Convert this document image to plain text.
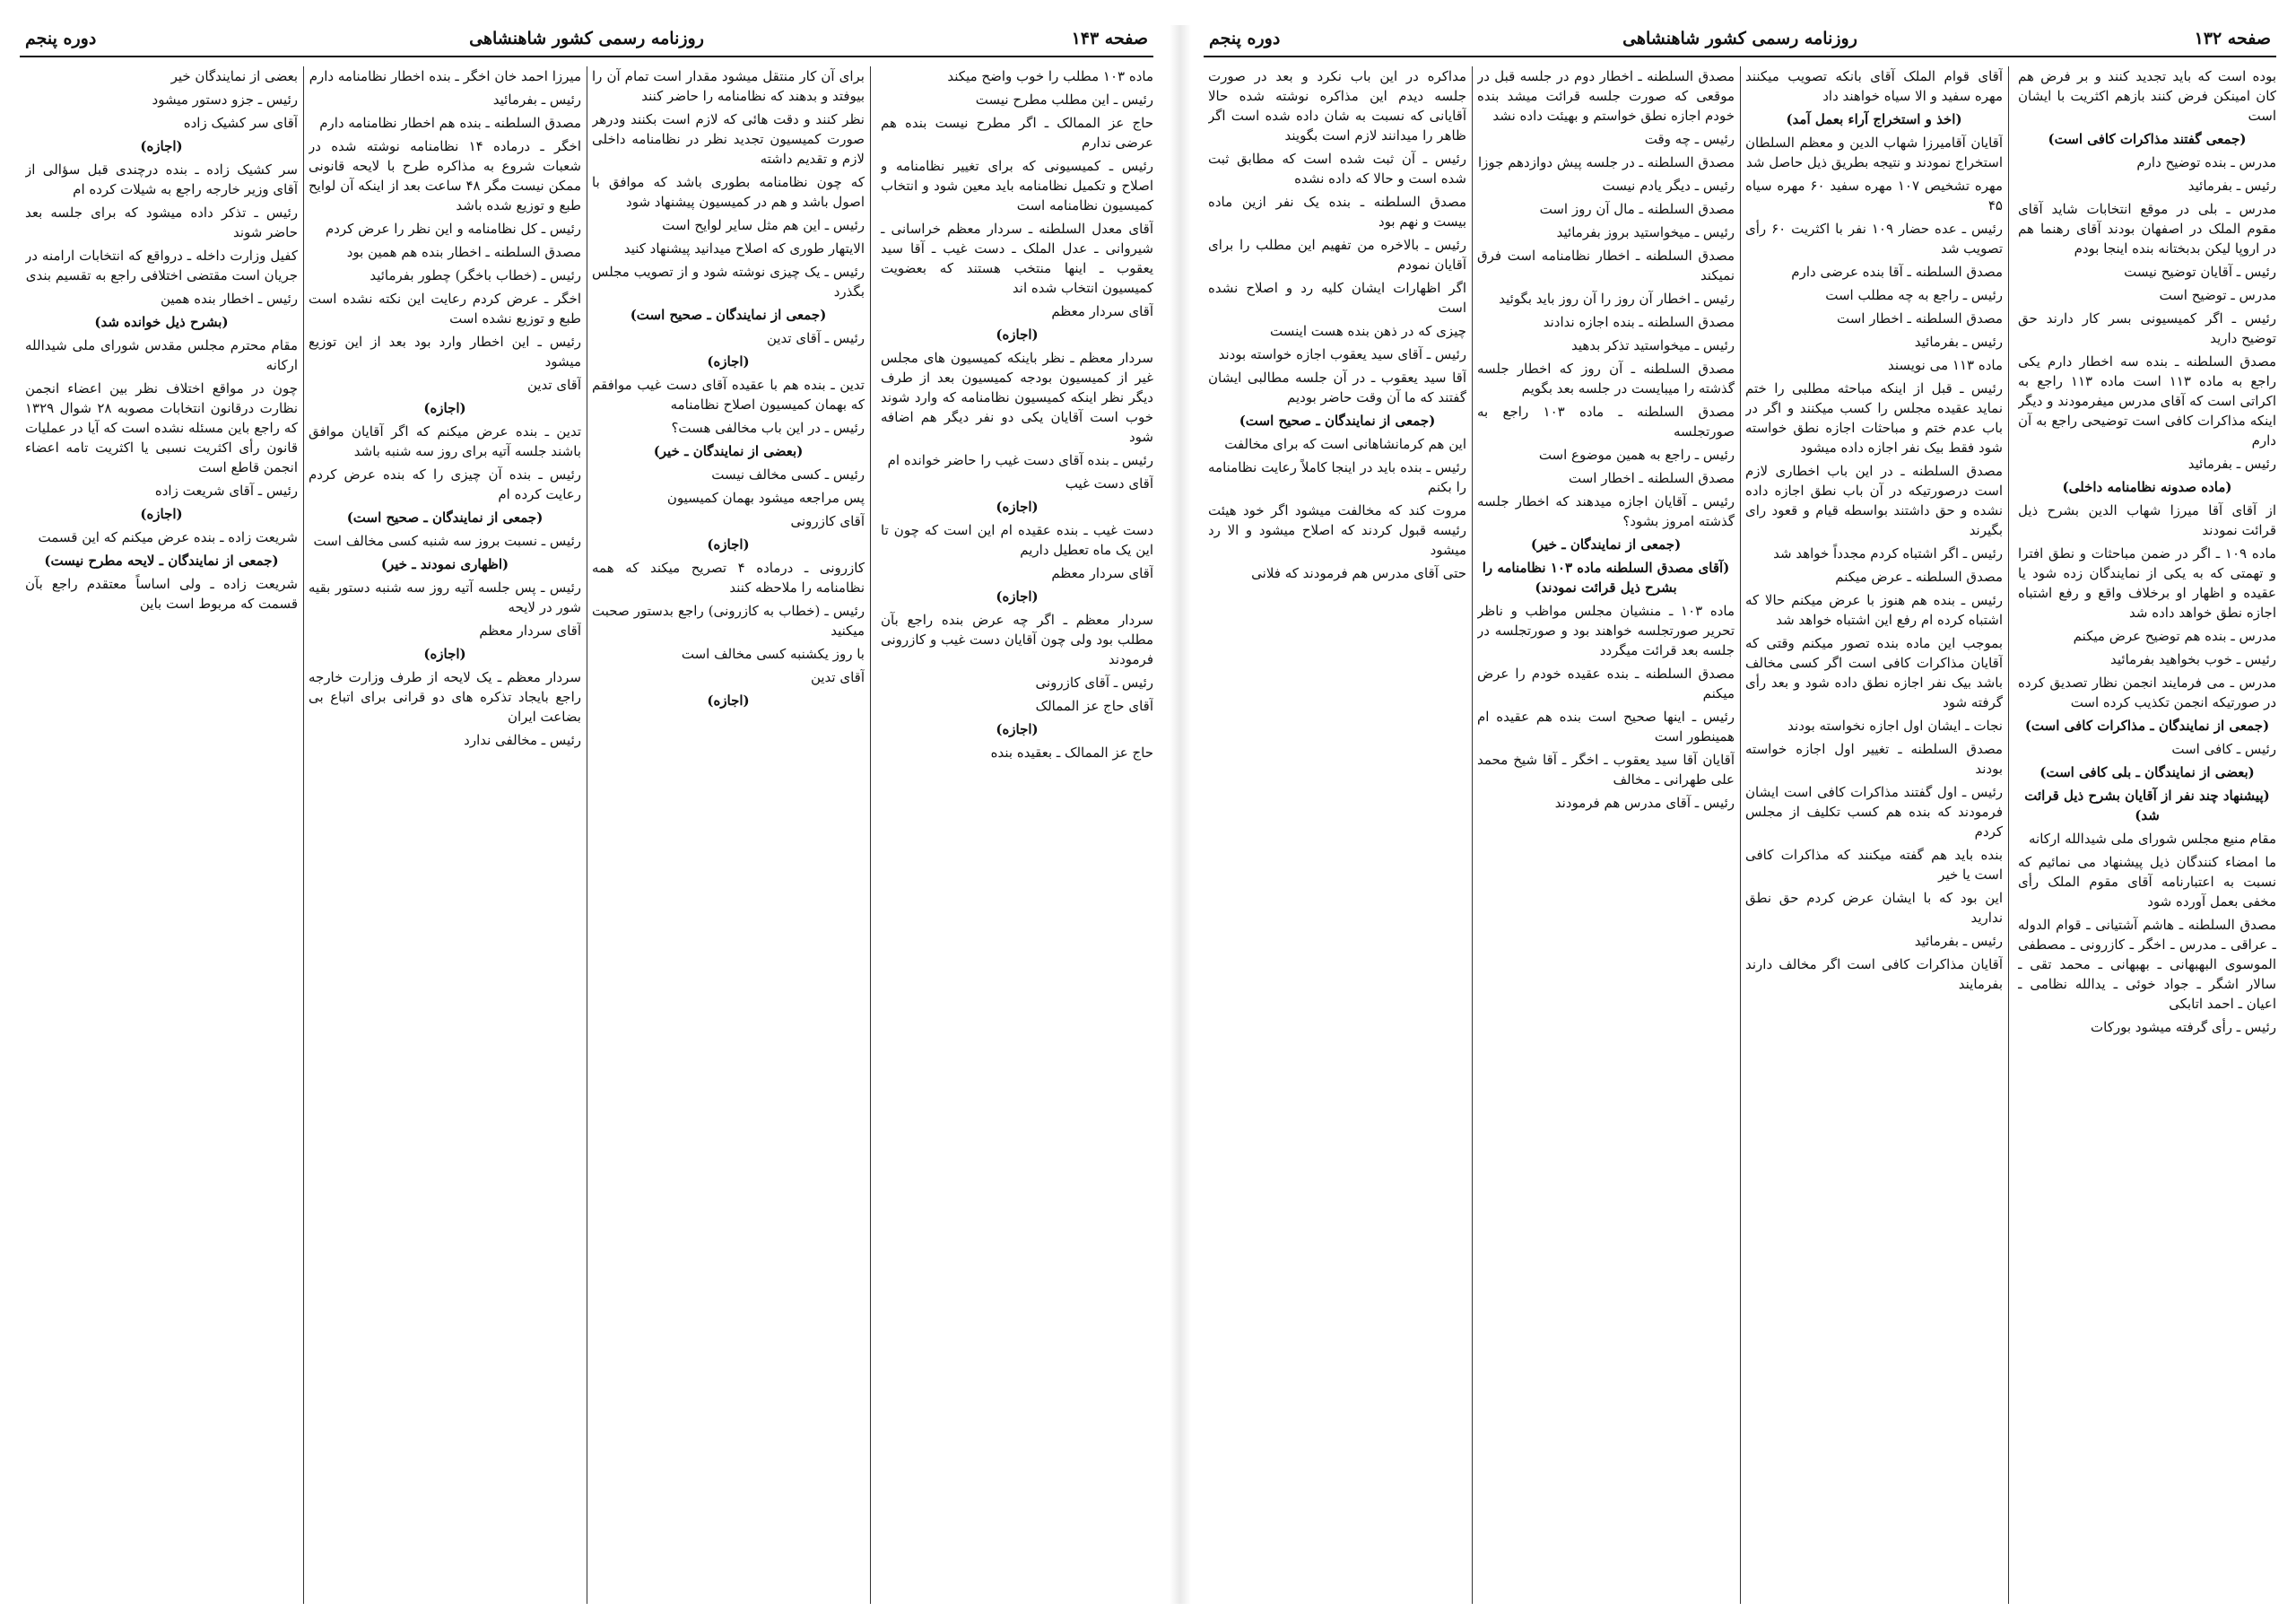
صفحه ۱۴۳
روزنامه رسمی کشور شاهنشاهی
دوره پنجم

ماده ۱۰۳ مطلب را خوب واضح میکند

رئیس ـ این مطلب مطرح نیست

حاج عز الممالک ـ اگر مطرح نیست بنده هم عرضی ندارم

رئیس ـ کمیسیونی که برای تغییر نظامنامه و اصلاح و تکمیل نظامنامه باید معین شود و انتخاب کمیسیون نظامنامه است

آقای معدل السلطنه ـ سردار معظم خراسانی ـ شیروانی ـ عدل الملک ـ دست غیب ـ آقا سید یعقوب ـ اینها منتخب هستند که بعضویت کمیسیون انتخاب شده اند

آقای سردار معظم

(اجازه)

سردار معظم ـ نظر باینکه کمیسیون های مجلس غیر از کمیسیون بودجه کمیسیون بعد از طرف دیگر نظر اینکه کمیسیون نظامنامه که وارد شوند خوب است آقایان یکی دو نفر دیگر هم اضافه شود

رئیس ـ بنده آقای دست غیب را حاضر خوانده ام

آقای دست غیب

(اجازه)

دست غیب ـ بنده عقیده ام این است که چون تا این یک ماه تعطیل داریم

آقای سردار معظم

(اجازه)

سردار معظم ـ اگر چه عرض بنده راجع بآن مطلب بود ولی چون آقایان دست غیب و کازرونی فرمودند

رئیس ـ آقای کازرونی

آقای حاج عز الممالک

(اجازه)

حاج عز الممالک ـ بعقیده بنده

برای آن کار منتقل میشود مقدار است تمام آن را بیوفتد و بدهند که نظامنامه را حاضر کنند

نظر کنند و دقت هائی که لازم است بکنند ودرهر صورت کمیسیون تجدید نظر در نظامنامه داخلی لازم و تقدیم داشته

که چون نظامنامه بطوری باشد که موافق با اصول باشد و هم در کمیسیون پیشنهاد شود

رئیس ـ این هم مثل سایر لوایح است

الایتهار طوری که اصلاح میدانید پیشنهاد کنید

رئیس ـ یک چیزی نوشته شود و از تصویب مجلس بگذرد

(جمعی از نمایندگان ـ صحیح است)

رئیس ـ آقای تدین

(اجازه)

تدین ـ بنده هم با عقیده آقای دست غیب موافقم که بهمان کمیسیون اصلاح نظامنامه

رئیس ـ در این باب مخالفی هست؟

(بعضی از نمایندگان ـ خیر)

رئیس ـ کسی مخالف نیست

پس مراجعه میشود بهمان کمیسیون

آقای کازرونی

(اجازه)

کازرونی ـ درماده ۴ تصریح میکند که همه نظامنامه را ملاحظه کنند

رئیس ـ (خطاب به کازرونی) راجع بدستور صحبت میکنید

با روز یکشنبه کسی مخالف است

آقای تدین

(اجازه)

میرزا احمد خان اخگر ـ بنده اخطار نظامنامه دارم

رئیس ـ بفرمائید

مصدق السلطنه ـ بنده هم اخطار نظامنامه دارم

اخگر ـ درماده ۱۴ نظامنامه نوشته شده در شعبات شروع به مذاکره طرح با لایحه قانونی ممکن نیست مگر ۴۸ ساعت بعد از اینکه آن لوایح طبع و توزیع شده باشد

رئیس ـ کل نظامنامه و این نظر را عرض کردم

مصدق السلطنه ـ اخطار بنده هم همین بود

رئیس ـ (خطاب باخگر) چطور بفرمائید

اخگر ـ عرض کردم رعایت این نکته نشده است طبع و توزیع نشده است

رئیس ـ این اخطار وارد بود بعد از این توزیع میشود

آقای تدین

(اجازه)

تدین ـ بنده عرض میکنم که اگر آقایان موافق باشند جلسه آتیه برای روز سه شنبه باشد

رئیس ـ بنده آن چیزی را که بنده عرض کردم رعایت کرده ام

(جمعی از نمایندگان ـ صحیح است)

رئیس ـ نسبت بروز سه شنبه کسی مخالف است

(اظهاری نمودند ـ خیر)

رئیس ـ پس جلسه آتیه روز سه شنبه دستور بقیه شور در لایحه

آقای سردار معظم

(اجازه)

سردار معظم ـ یک لایحه از طرف وزارت خارجه راجع بایجاد تذکره های دو قرانی برای اتباع بی بضاعت ایران

رئیس ـ مخالفی ندارد

بعضی از نمایندگان خیر

رئیس ـ جزو دستور میشود

آقای سر کشیک زاده

(اجازه)

سر کشیک زاده ـ بنده درچندی قبل سؤالی از آقای وزیر خارجه راجع به شیلات کرده ام

رئیس ـ تذکر داده میشود که برای جلسه بعد حاضر شوند

کفیل وزارت داخله ـ درواقع که انتخابات ارامنه در جریان است مقتضی اختلافی راجع به تقسیم بندی

رئیس ـ اخطار بنده همین

(بشرح ذیل خوانده شد)

مقام محترم مجلس مقدس شورای ملی شیدالله ارکانه

چون در مواقع اختلاف نظر بین اعضاء انجمن نظارت درقانون انتخابات مصوبه ۲۸ شوال ۱۳۲۹ که راجع باین مسئله نشده است که آیا در عملیات قانون رأی اکثریت نسبی یا اکثریت تامه اعضاء انجمن قاطع است

رئیس ـ آقای شریعت زاده

(اجازه)

شریعت زاده ـ بنده عرض میکنم که این قسمت

(جمعی از نمایندگان ـ لایحه مطرح نیست)

شریعت زاده ـ ولی اساساً معتقدم راجع بآن قسمت که مربوط است باین

صفحه ۱۳۲
روزنامه رسمی کشور شاهنشاهی
دوره پنجم

بوده است که باید تجدید کنند و بر فرض هم کان امینکن فرض کنند بازهم اکثریت با ایشان است

(جمعی گفتند مذاکرات کافی است)

مدرس ـ بنده توضیح دارم

رئیس ـ بفرمائید

مدرس ـ بلی در موقع انتخابات شاید آقای مقوم الملک در اصفهان بودند آقای رهنما هم در اروپا لیکن بدبختانه بنده اینجا بودم

رئیس ـ آقایان توضیح نیست

مدرس ـ توضیح است

رئیس ـ اگر کمیسیونی بسر کار دارند حق توضیح دارید

مصدق السلطنه ـ بنده سه اخطار دارم یکی راجع به ماده ۱۱۳ است ماده ۱۱۳ راجع به اکراتی است که آقای مدرس میفرمودند و دیگر اینکه مذاکرات کافی است توضیحی راجع به آن دارم

رئیس ـ بفرمائید

(ماده صدونه نظامنامه داخلی)

از آقای آقا میرزا شهاب الدین بشرح ذیل قرائت نمودند

ماده ۱۰۹ ـ اگر در ضمن مباحثات و نطق افترا و تهمتی که به یکی از نمایندگان زده شود یا عقیده و اظهار او برخلاف واقع و رفع اشتباه اجازه نطق خواهد داده شد

مدرس ـ بنده هم توضیح عرض میکنم

رئیس ـ خوب بخواهید بفرمائید

مدرس ـ می فرمایند انجمن نظار تصدیق کرده در صورتیکه انجمن تکذیب کرده است

(جمعی از نمایندگان ـ مذاکرات کافی است)

رئیس ـ کافی است

(بعضی از نمایندگان ـ بلی کافی است)

(پیشنهاد چند نفر از آقایان بشرح ذیل قرائت شد)

مقام منیع مجلس شورای ملی شیدالله ارکانه

ما امضاء کنندگان ذیل پیشنهاد می نمائیم که نسبت به اعتبارنامه آقای مقوم الملک رأی مخفی بعمل آورده شود

مصدق السلطنه ـ هاشم آشتیانی ـ قوام الدوله ـ عراقی ـ مدرس ـ اخگر ـ کازرونی ـ مصطفی الموسوی البهبهانی ـ بهبهانی ـ محمد تقی ـ سالار اشگر ـ جواد خوئی ـ یدالله نظامی ـ اعیان ـ احمد اتابکی

رئیس ـ رأی گرفته میشود بورکات

آقای قوام الملک آقای بانکه تصویب میکنند مهره سفید و الا سیاه خواهند داد

(اخذ و استخراج آراء بعمل آمد)

آقایان آقامیرزا شهاب الدین و معظم السلطان استخراج نمودند و نتیجه بطریق ذیل حاصل شد

مهره تشخیص ۱۰۷ مهره سفید ۶۰ مهره سیاه ۴۵

رئیس ـ عده حضار ۱۰۹ نفر با اکثریت ۶۰ رأی تصویب شد

مصدق السلطنه ـ آقا بنده عرضی دارم

رئیس ـ راجع به چه مطلب است

مصدق السلطنه ـ اخطار است

رئیس ـ بفرمائید

ماده ۱۱۳ می نویسند

رئیس ـ قبل از اینکه مباحثه مطلبی را ختم نماید عقیده مجلس را کسب میکنند و اگر در باب عدم ختم و مباحثات اجازه نطق خواسته شود فقط بیک نفر اجازه داده میشود

مصدق السلطنه ـ در این باب اخطاری لازم است درصورتیکه در آن باب نطق اجازه داده نشده و حق داشتند بواسطه قیام و قعود رای بگیرند

رئیس ـ اگر اشتباه کردم مجدداً خواهد شد

مصدق السلطنه ـ عرض میکنم

رئیس ـ بنده هم هنوز با عرض میکنم حالا که اشتباه کرده ام رفع این اشتباه خواهد شد

بموجب این ماده بنده تصور میکنم وقتی که آقایان مذاکرات کافی است اگر کسی مخالف باشد بیک نفر اجازه نطق داده شود و بعد رأی گرفته شود

نجات ـ ایشان اول اجازه نخواسته بودند

مصدق السلطنه ـ تغییر اول اجازه خواسته بودند

رئیس ـ اول گفتند مذاکرات کافی است ایشان فرمودند که بنده هم کسب تکلیف از مجلس کردم

بنده باید هم گفته میکنند که مذاکرات کافی است یا خیر

این بود که با ایشان عرض کردم حق نطق ندارید

رئیس ـ بفرمائید

آقایان مذاکرات کافی است اگر مخالف دارند بفرمایند

مصدق السلطنه ـ اخطار دوم در جلسه قبل در موقعی که صورت جلسه قرائت میشد بنده خودم اجازه نطق خواستم و بهیئت داده نشد

رئیس ـ چه وقت

مصدق السلطنه ـ در جلسه پیش دوازدهم جوزا

رئیس ـ دیگر یادم نیست

مصدق السلطنه ـ مال آن روز است

رئیس ـ میخواستید بروز بفرمائید

مصدق السلطنه ـ اخطار نظامنامه است فرق نمیکند

رئیس ـ اخطار آن روز را آن روز باید بگوئید

مصدق السلطنه ـ بنده اجازه ندادند

رئیس ـ میخواستید تذکر بدهید

مصدق السلطنه ـ آن روز که اخطار جلسه گذشته را میبایست در جلسه بعد بگویم

مصدق السلطنه ـ ماده ۱۰۳ راجع به صورتجلسه

رئیس ـ راجع به همین موضوع است

مصدق السلطنه ـ اخطار است

رئیس ـ آقایان اجازه میدهند که اخطار جلسه گذشته امروز بشود؟

(جمعی از نمایندگان ـ خیر)

(آقای مصدق السلطنه ماده ۱۰۳ نظامنامه را بشرح ذیل قرائت نمودند)

ماده ۱۰۳ ـ منشیان مجلس مواظب و ناظر تحریر صورتجلسه خواهند بود و صورتجلسه در جلسه بعد قرائت میگردد

مصدق السلطنه ـ بنده عقیده خودم را عرض میکنم

رئیس ـ اینها صحیح است بنده هم عقیده ام همینطور است

آقایان آقا سید یعقوب ـ اخگر ـ آقا شیخ محمد علی طهرانی ـ مخالف

رئیس ـ آقای مدرس هم فرمودند

مداکره در این باب نکرد و بعد در صورت جلسه دیدم این مذاکره نوشته شده حالا آقایانی که نسبت به شان داده شده است اگر ظاهر را میدانند لازم است بگویند

رئیس ـ آن ثبت شده است که مطابق ثبت شده است و حالا که داده نشده

مصدق السلطنه ـ بنده یک نفر ازین ماده بیست و نهم بود

رئیس ـ بالاخره من تفهیم این مطلب را برای آقایان نمودم

اگر اظهارات ایشان کلیه رد و اصلاح نشده است

چیزی که در ذهن بنده هست اینست

رئیس ـ آقای سید یعقوب اجازه خواسته بودند

آقا سید یعقوب ـ در آن جلسه مطالبی ایشان گفتند که ما آن وقت حاضر بودیم

(جمعی از نمایندگان ـ صحیح است)

این هم کرمانشاهانی است که برای مخالفت

رئیس ـ بنده باید در اینجا کاملاً رعایت نظامنامه را بکنم

مروت کند که مخالفت میشود اگر خود هیئت رئیسه قبول کردند که اصلاح میشود و الا رد میشود

حتی آقای مدرس هم فرمودند که فلانی
